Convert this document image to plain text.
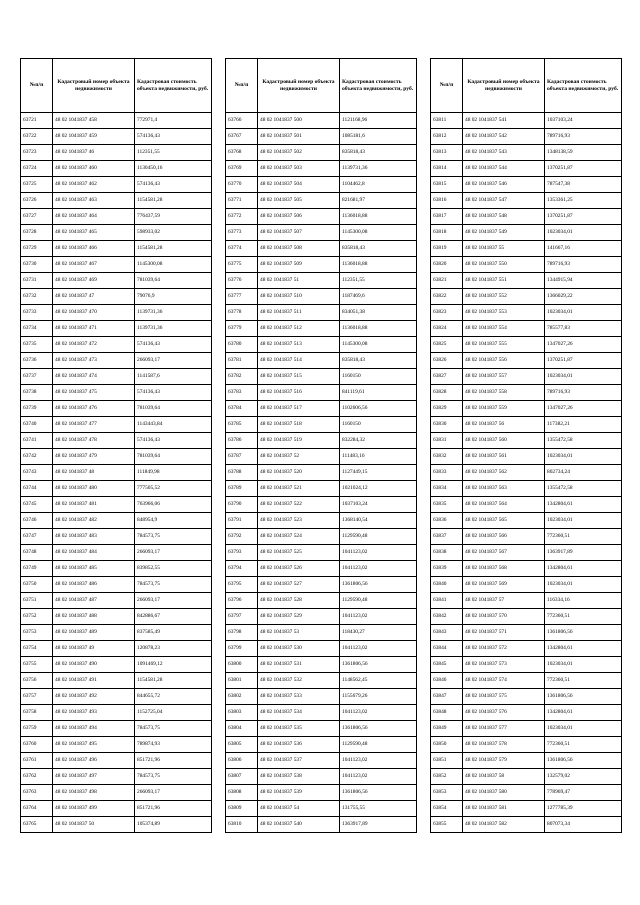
№п/п	Кадастровый номер объекта недвижимости	Кадастровая стоимость объекта недвижимости, руб.
63721	48 02 1041837 458	772971,4
63722	48 02 1041837 459	574136,43
63723	48 02 1041837 46	112351,55
63724	48 02 1041837 460	1130450,16
63725	48 02 1041837 462	574136,43
63726	48 02 1041837 463	1154581,28
63727	48 02 1041837 464	776437,59
63728	48 02 1041837 465	598933,02
63729	48 02 1041837 466	1154581,28
63730	48 02 1041837 467	1145300,08
63731	48 02 1041837 469	781039,64
63732	48 02 1041837 47	79076,9
63733	48 02 1041837 470	1139731,36
63734	48 02 1041837 471	1139731,36
63735	48 02 1041837 472	574136,43
63736	48 02 1041837 473	266093,17
63737	48 02 1041837 474	1141587,6
63738	48 02 1041837 475	574136,43
63739	48 02 1041837 476	781039,64
63740	48 02 1041837 477	1143443,84
63741	48 02 1041837 478	574136,43
63742	48 02 1041837 479	781039,64
63743	48 02 1041837 48	111849,98
63744	48 02 1041837 480	777505,52
63745	48 02 1041837 481	763966,06
63746	48 02 1041837 482	848954,9
63747	48 02 1041837 483	784573,75
63748	48 02 1041837 484	266093,17
63749	48 02 1041837 485	839852,55
63750	48 02 1041837 486	784573,75
63751	48 02 1041837 487	266093,17
63752	48 02 1041837 488	842886,67
63753	48 02 1041837 489	837585,49
63754	48 02 1041837 49	120878,23
63755	48 02 1041837 490	1091469,12
63756	48 02 1041837 491	1154581,28
63757	48 02 1041837 492	844655,72
63758	48 02 1041837 493	1152725,04
63759	48 02 1041837 494	784573,75
63760	48 02 1041837 495	789874,93
63761	48 02 1041837 496	851721,96
63762	48 02 1041837 497	784573,75
63763	48 02 1041837 498	266093,17
63764	48 02 1041837 499	851721,96
63765	48 02 1041837 50	105374,89
№п/п	Кадастровый номер объекта недвижимости	Кадастровая стоимость объекта недвижимости, руб.
63766	48 02 1041837 500	1121168,96
63767	48 02 1041837 501	1085181,6
63768	48 02 1041837 502	835818,43
63769	48 02 1041837 503	1139731,36
63770	48 02 1041837 504	1104462,8
63771	48 02 1041837 505	821681,97
63772	48 02 1041837 506	1136018,88
63773	48 02 1041837 507	1145300,08
63774	48 02 1041837 508	835818,43
63775	48 02 1041837 509	1136018,88
63776	48 02 1041837 51	112351,55
63777	48 02 1041837 510	1187469,6
63778	48 02 1041837 511	834051,38
63779	48 02 1041837 512	1136018,88
63780	48 02 1041837 513	1145300,08
63781	48 02 1041837 514	835818,43
63782	48 02 1041837 515	1160150
63783	48 02 1041837 516	841119,61
63784	48 02 1041837 517	1102606,56
63785	48 02 1041837 518	1160150
63786	48 02 1041837 519	832284,32
63787	48 02 1041837 52	111483,16
63788	48 02 1041837 520	1127449,15
63789	48 02 1041837 521	1021024,12
63790	48 02 1041837 522	1037103,24
63791	48 02 1041837 523	1368140,54
63792	48 02 1041837 524	1129590,48
63793	48 02 1041837 525	1041123,02
63794	48 02 1041837 526	1041123,02
63795	48 02 1041837 527	1361806,56
63796	48 02 1041837 528	1129590,48
63797	48 02 1041837 529	1041123,02
63798	48 02 1041837 53	118430,27
63799	48 02 1041837 530	1041123,02
63800	48 02 1041837 531	1361806,56
63801	48 02 1041837 532	1148562,45
63802	48 02 1041837 533	1155679,26
63803	48 02 1041837 534	1041123,02
63804	48 02 1041837 535	1361806,56
63805	48 02 1041837 536	1129590,48
63806	48 02 1041837 537	1041123,02
63807	48 02 1041837 538	1041123,02
63808	48 02 1041837 539	1361806,56
63809	48 02 1041837 54	131755,55
63810	48 02 1041837 540	1363917,89
№п/п	Кадастровый номер объекта недвижимости	Кадастровая стоимость объекта недвижимости, руб.
63811	48 02 1041837 541	1037103,24
63812	48 02 1041837 542	789716,93
63813	48 02 1041837 543	1348138,59
63814	48 02 1041837 544	1370251,87
63815	48 02 1041837 546	787547,38
63816	48 02 1041837 547	1353361,25
63817	48 02 1041837 548	1370251,87
63818	48 02 1041837 549	1023034,01
63819	48 02 1041837 55	141667,16
63820	48 02 1041837 550	789716,93
63821	48 02 1041837 551	1344915,94
63822	48 02 1041837 552	1366029,22
63823	48 02 1041837 553	1023034,01
63824	48 02 1041837 554	785577,83
63825	48 02 1041837 555	1347027,26
63826	48 02 1041837 556	1370251,87
63827	48 02 1041837 557	1023034,01
63828	48 02 1041837 558	789716,93
63829	48 02 1041837 559	1347027,26
63830	48 02 1041837 56	117382,21
63831	48 02 1041837 560	1355472,58
63832	48 02 1041837 561	1023034,01
63833	48 02 1041837 562	802734,24
63834	48 02 1041837 563	1355472,58
63835	48 02 1041837 564	1342804,61
63836	48 02 1041837 565	1023034,01
63837	48 02 1041837 566	772360,51
63838	48 02 1041837 567	1363917,89
63839	48 02 1041837 568	1342804,61
63840	48 02 1041837 569	1023034,01
63841	48 02 1041837 57	116334,16
63842	48 02 1041837 570	772360,51
63843	48 02 1041837 571	1361806,56
63844	48 02 1041837 572	1342804,61
63845	48 02 1041837 573	1023034,01
63846	48 02 1041837 574	772360,51
63847	48 02 1041837 575	1361806,56
63848	48 02 1041837 576	1342804,61
63849	48 02 1041837 577	1023034,01
63850	48 02 1041837 578	772360,51
63851	48 02 1041837 579	1361806,56
63852	48 02 1041837 58	132579,02
63853	48 02 1041837 580	778969,47
63854	48 02 1041837 581	1277785,39
63855	48 02 1041837 582	807073,34
